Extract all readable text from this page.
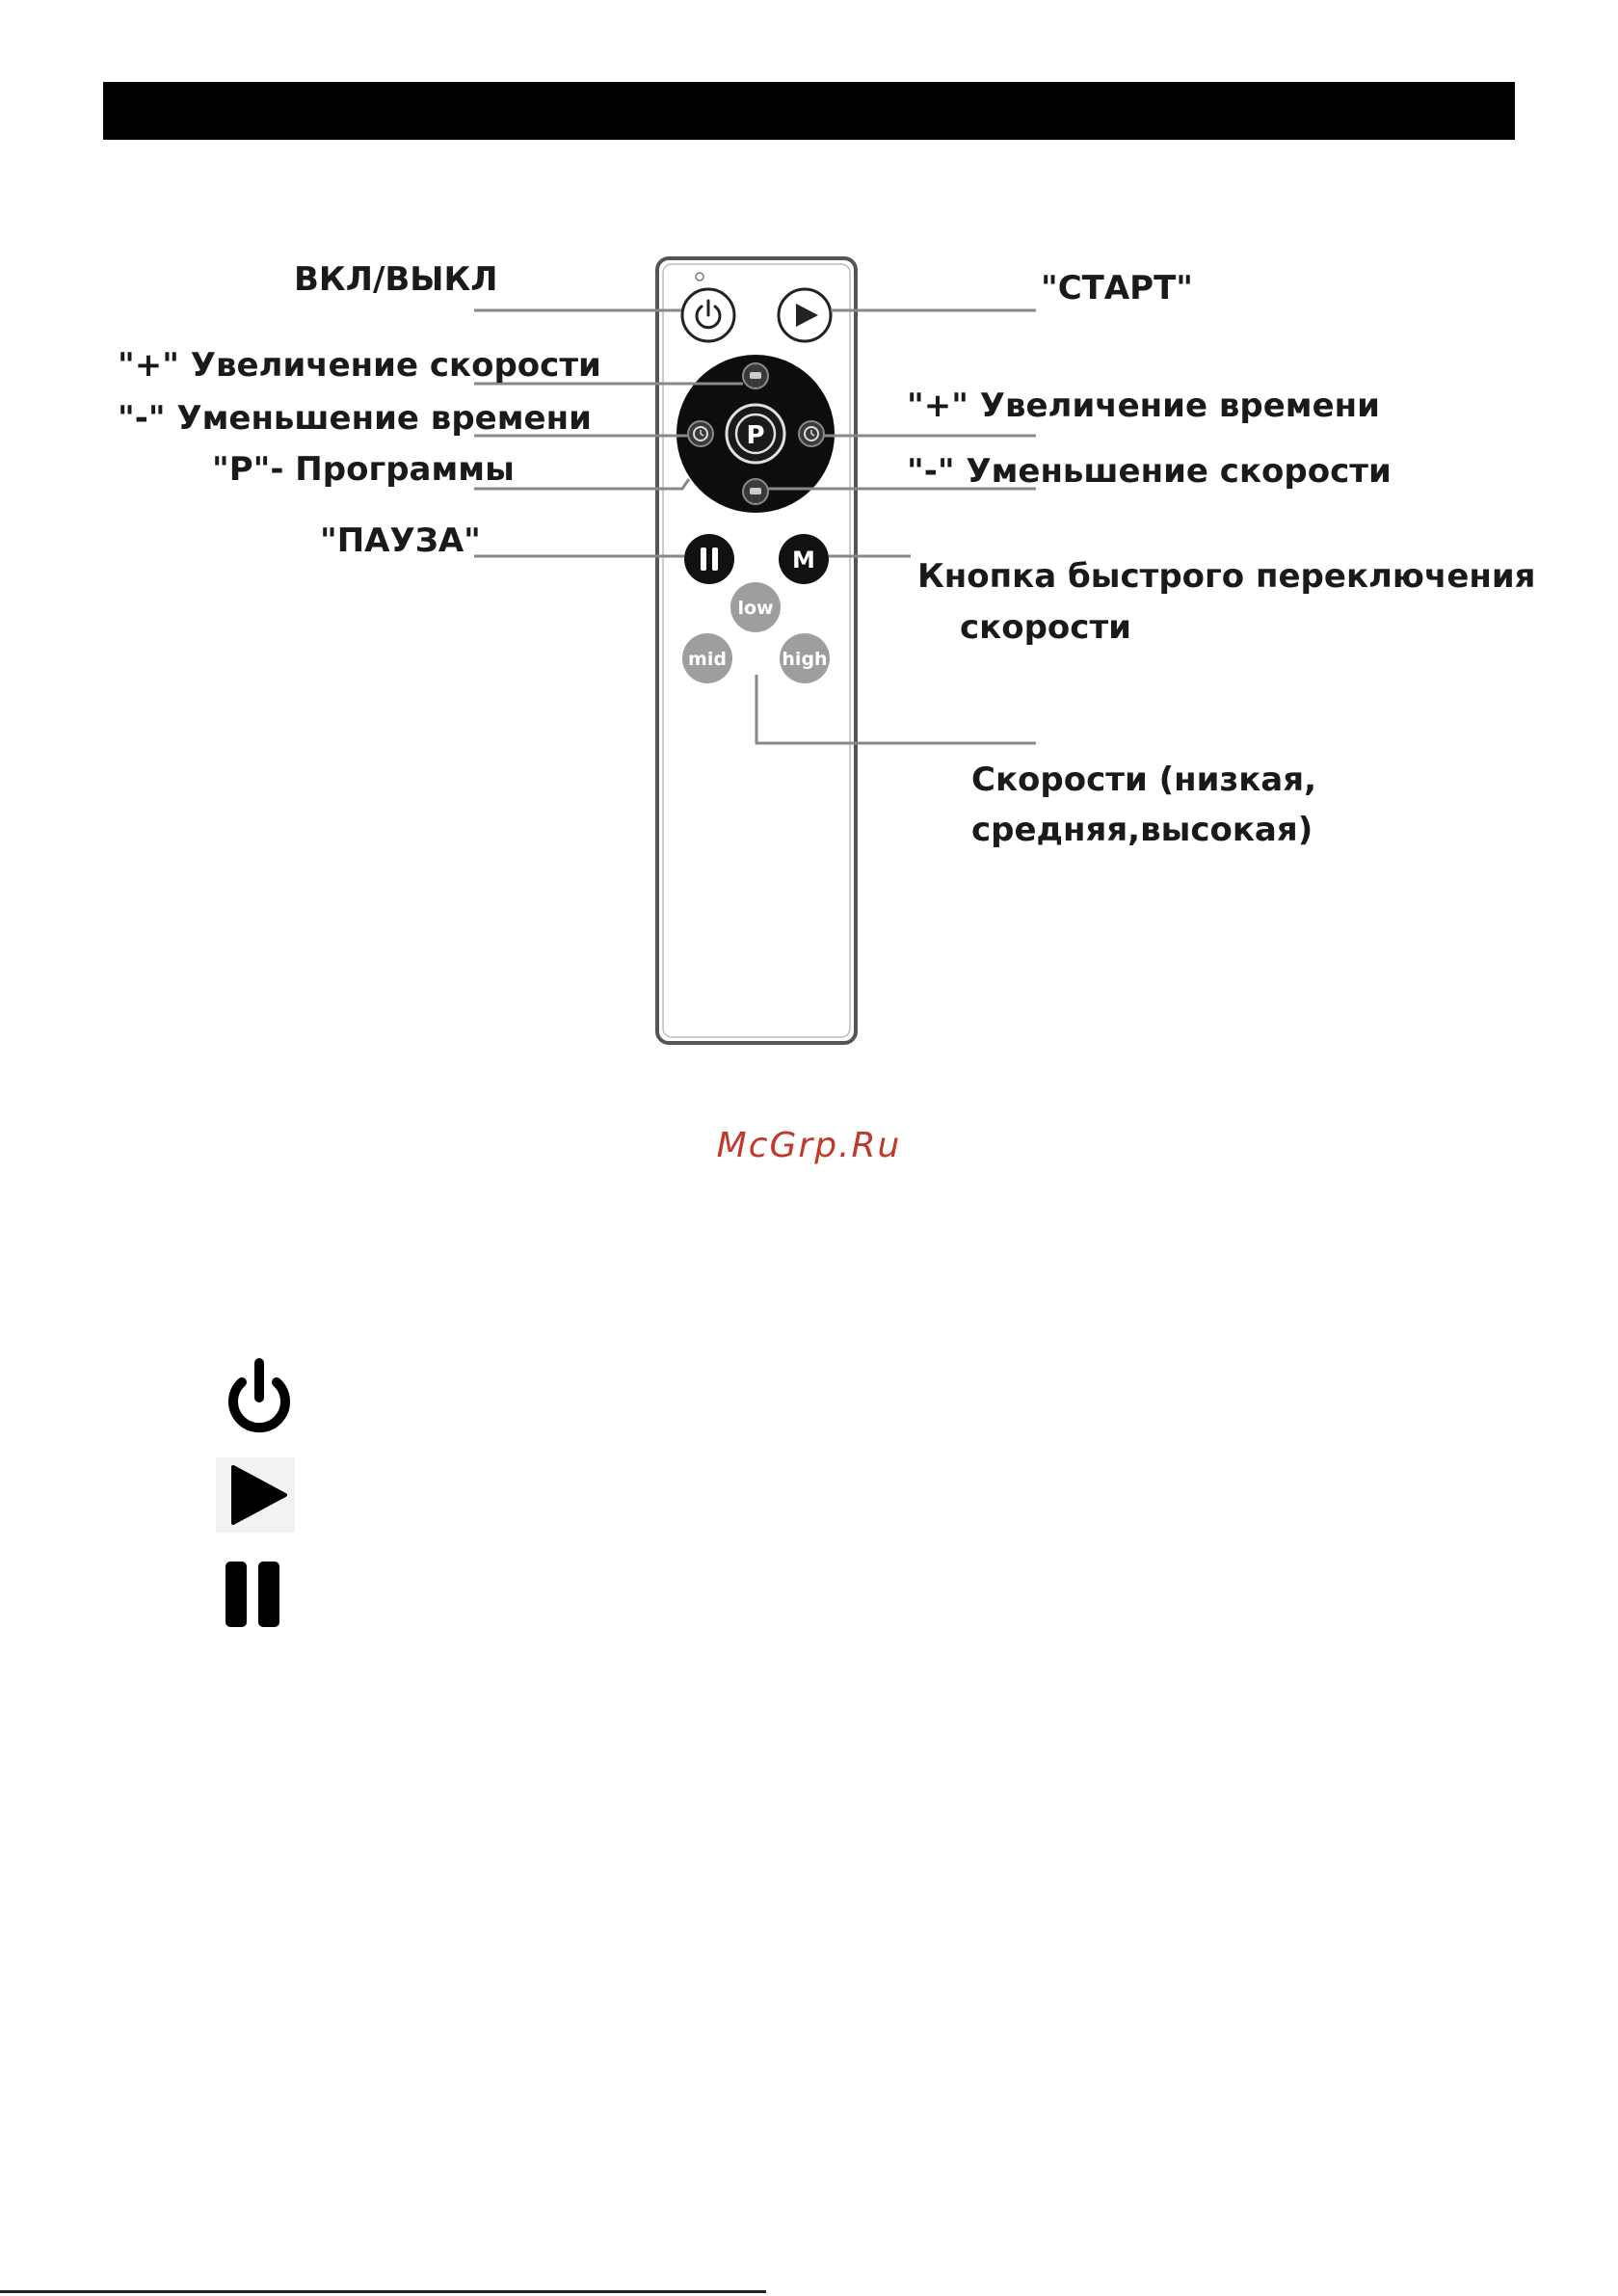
P
M
low
mid	high
ВКЛ/ВЫКЛ
"+" Увеличение скорости
"-" Уменьшение времени
"P"- Программы
"ПАУЗА"
"СТАРТ"
"+" Увеличение времени
"-" Уменьшение скорости
Кнопка быстрого переключения
скорости
Скорости (низкая,
средняя,высокая)
McGrp.Ru
